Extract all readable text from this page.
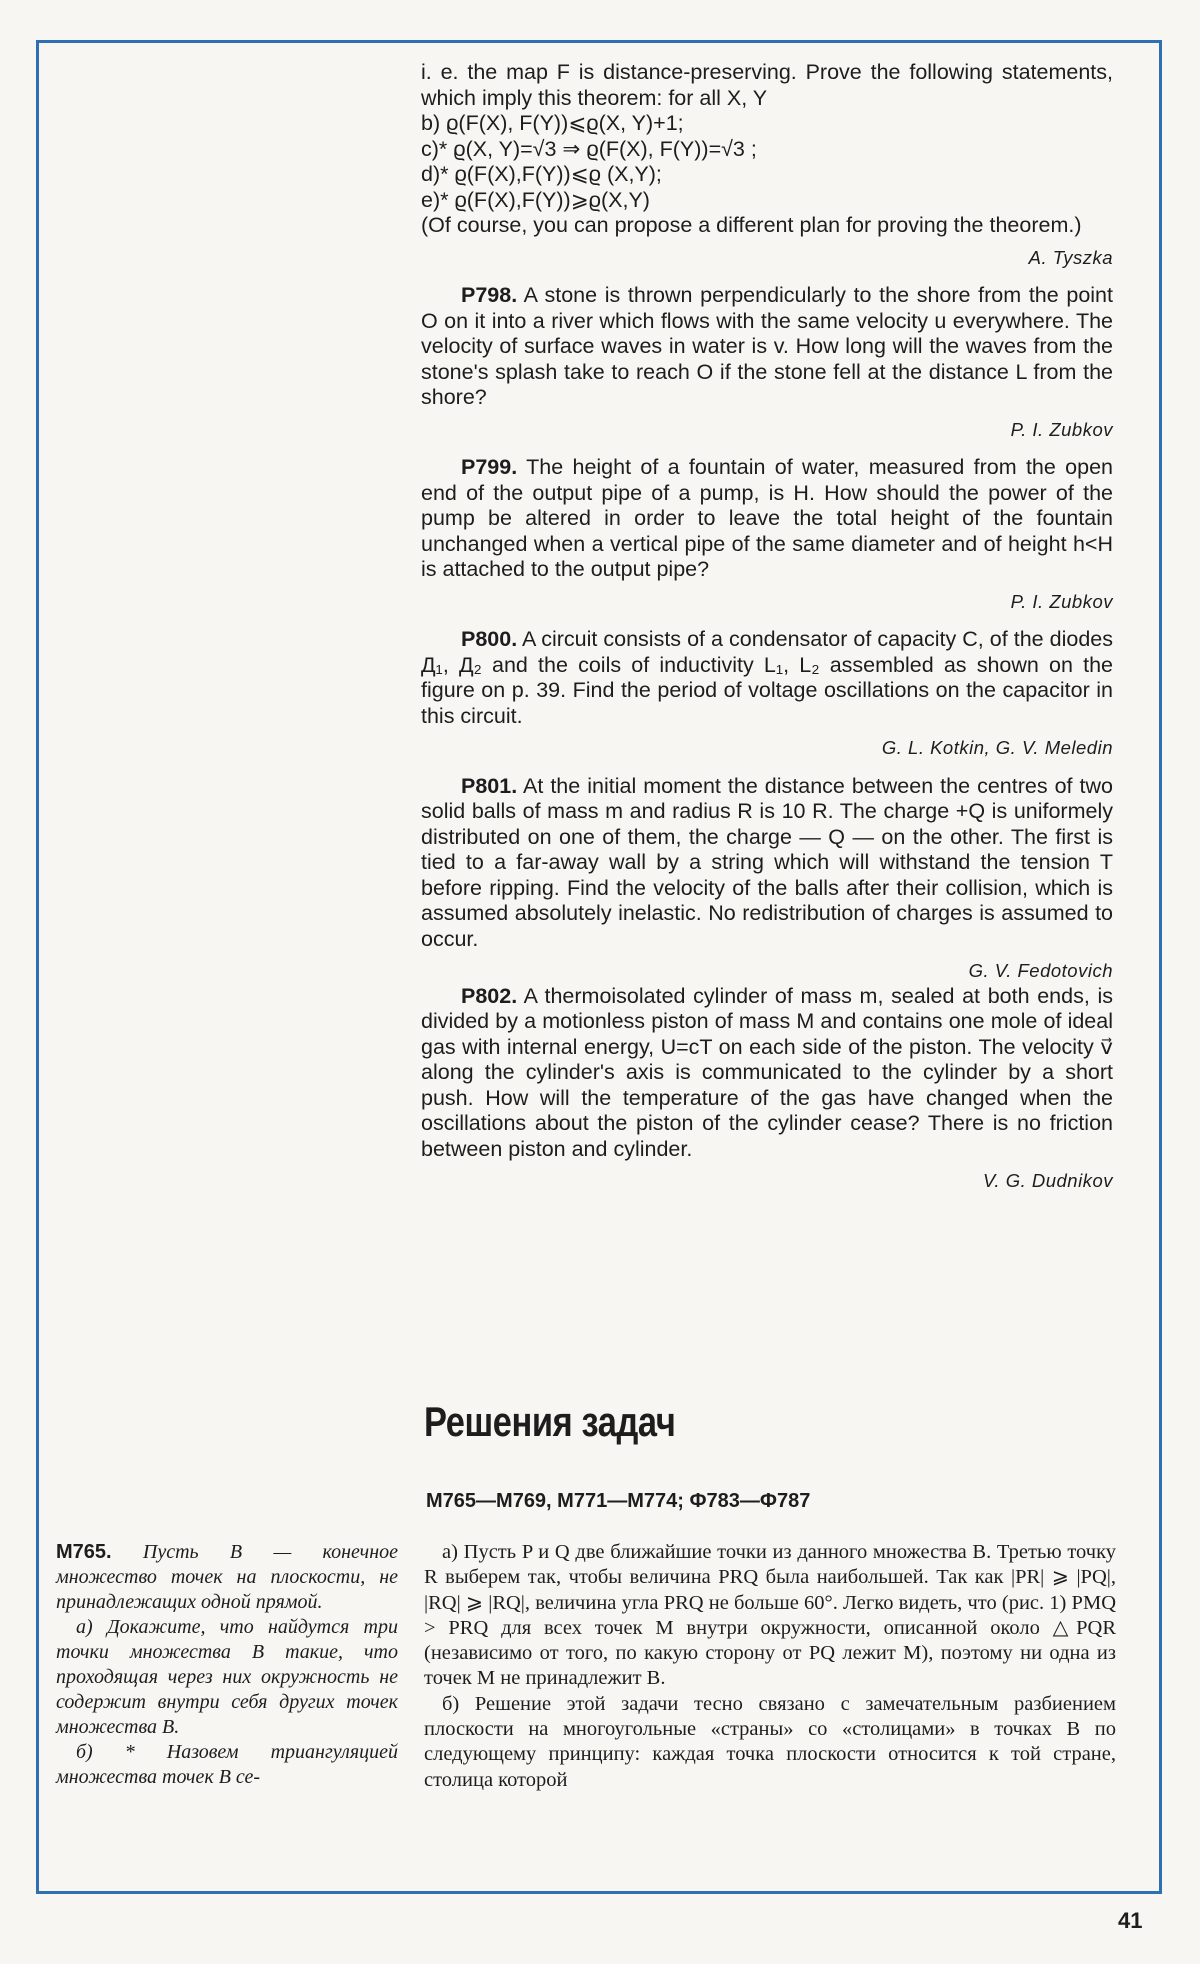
i. e. the map F is distance-preserving. Prove the following statements, which imply this theorem: for all X, Y

b) ϱ(F(X), F(Y))⩽ϱ(X, Y)+1;

c)* ϱ(X, Y)=√3 ⇒ ϱ(F(X), F(Y))=√3 ;

d)* ϱ(F(X),F(Y))⩽ϱ (X,Y);

e)* ϱ(F(X),F(Y))⩾ϱ(X,Y)

(Of course, you can propose a different plan for proving the theorem.)

A. Tyszka

P798. A stone is thrown perpendicularly to the shore from the point O on it into a river which flows with the same velocity u everywhere. The velocity of surface waves in water is v. How long will the waves from the stone's splash take to reach O if the stone fell at the distance L from the shore?

P. I. Zubkov

P799. The height of a fountain of water, measured from the open end of the output pipe of a pump, is H. How should the power of the pump be altered in order to leave the total height of the fountain unchanged when a vertical pipe of the same diameter and of height h<H is attached to the output pipe?

P. I. Zubkov

P800. A circuit consists of a condensator of capacity C, of the diodes Д₁, Д₂ and the coils of inductivity L₁, L₂ assembled as shown on the figure on p. 39. Find the period of voltage oscillations on the capacitor in this circuit.

G. L. Kotkin, G. V. Meledin

P801. At the initial moment the distance between the centres of two solid balls of mass m and radius R is 10 R. The charge +Q is uniformely distributed on one of them, the charge — Q — on the other. The first is tied to a far-away wall by a string which will withstand the tension T before ripping. Find the velocity of the balls after their collision, which is assumed absolutely inelastic. No redistribution of charges is assumed to occur.

G. V. Fedotovich

P802. A thermoisolated cylinder of mass m, sealed at both ends, is divided by a motionless piston of mass M and contains one mole of ideal gas with internal energy, U=cT on each side of the piston. The velocity v⃗ along the cylinder's axis is communicated to the cylinder by a short push. How will the temperature of the gas have changed when the oscillations about the piston of the cylinder cease? There is no friction between piston and cylinder.

V. G. Dudnikov
Решения задач
M765—M769, M771—M774; Ф783—Ф787

M765. Пусть B — конечное множество точек на плоскости, не принадлежащих одной прямой.

а) Докажите, что найдутся три точки множества B такие, что проходящая через них окружность не содержит внутри себя других точек множества B.

б) * Назовем триангуляцией множества точек B се-

а) Пусть P и Q две ближайшие точки из данного множества B. Третью точку R выберем так, чтобы величина PRQ была наибольшей. Так как |PR| ⩾ |PQ|, |RQ| ⩾ |RQ|, величина угла PRQ не больше 60°. Легко видеть, что (рис. 1) PMQ > PRQ для всех точек M внутри окружности, описанной около △PQR (независимо от того, по какую сторону от PQ лежит M), поэтому ни одна из точек M не принадлежит B.

б) Решение этой задачи тесно связано с замечательным разбиением плоскости на многоугольные «страны» со «столицами» в точках B по следующему принципу: каждая точка плоскости относится к той стране, столица которой

41
